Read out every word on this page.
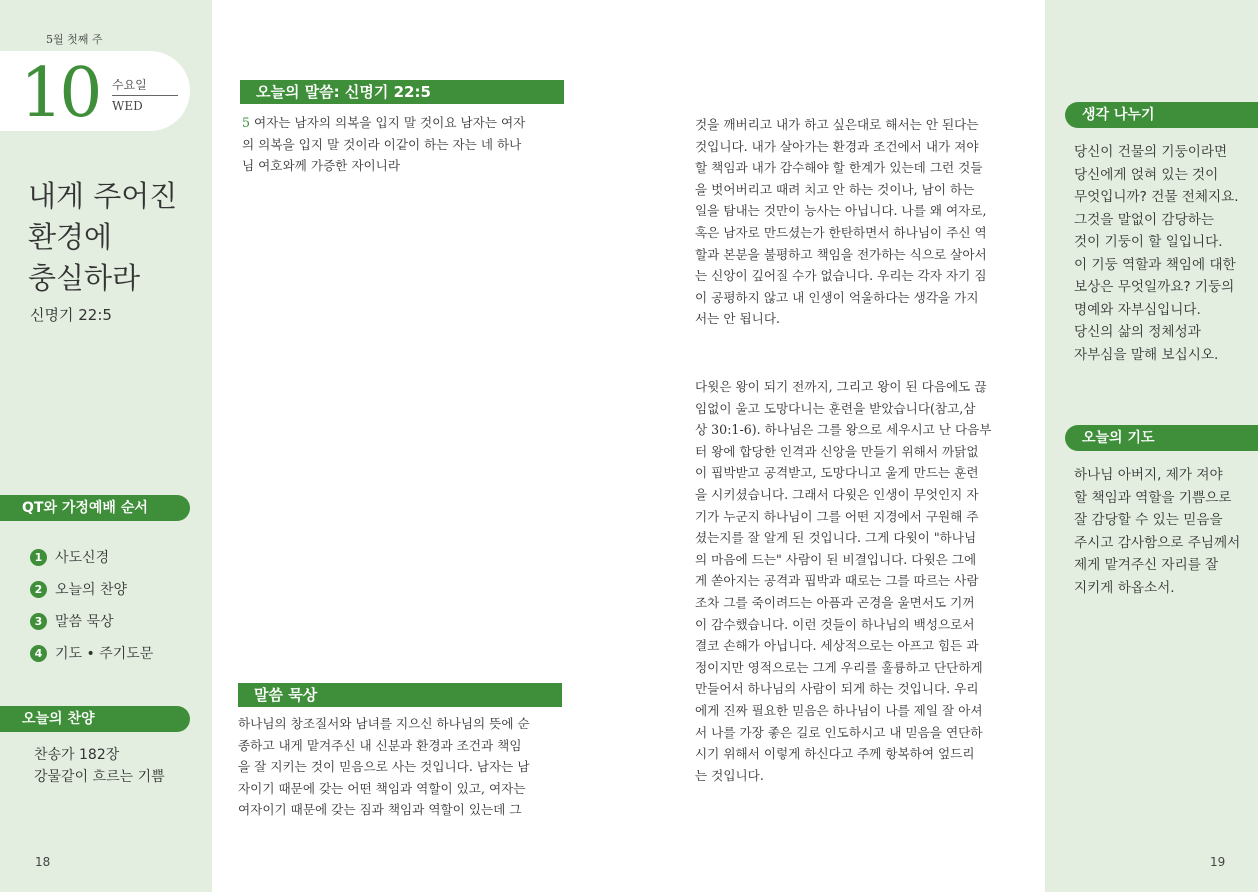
5월 첫째 주
10 수요일
WED
내게 주어진
환경에
충실하라
신명기 22:5
QT와 가정예배 순서
1 사도신경
2 오늘의 찬양
3 말씀 묵상
4 기도 • 주기도문
오늘의 찬양
찬송가 182장
강물같이 흐르는 기쁨
18
오늘의 말씀: 신명기 22:5
5 여자는 남자의 의복을 입지 말 것이요 남자는 여자
의 의복을 입지 말 것이라 이같이 하는 자는 네 하나
님 여호와께 가증한 자이니라
말씀 묵상
하나님의 창조질서와 남녀를 지으신 하나님의 뜻에 순
종하고 내게 맡겨주신 내 신분과 환경과 조건과 책임
을 잘 지키는 것이 믿음으로 사는 것입니다. 남자는 남
자이기 때문에 갖는 어떤 책임과 역할이 있고, 여자는
여자이기 때문에 갖는 짐과 책임과 역할이 있는데 그
것을 깨버리고 내가 하고 싶은대로 해서는 안 된다는
것입니다. 내가 살아가는 환경과 조건에서 내가 져야
할 책임과 내가 감수해야 할 한계가 있는데 그런 것들
을 벗어버리고 때려 치고 안 하는 것이나, 남이 하는
일을 탐내는 것만이 능사는 아닙니다. 나를 왜 여자로,
혹은 남자로 만드셨는가 한탄하면서 하나님이 주신 역
할과 본분을 불평하고 책임을 전가하는 식으로 살아서
는 신앙이 깊어질 수가 없습니다. 우리는 각자 자기 짐
이 공평하지 않고 내 인생이 억울하다는 생각을 가지
서는 안 됩니다.
다윗은 왕이 되기 전까지, 그리고 왕이 된 다음에도 끊
임없이 울고 도망다니는 훈련을 받았습니다(참고,삼
상 30:1-6). 하나님은 그를 왕으로 세우시고 난 다음부
터 왕에 합당한 인격과 신앙을 만들기 위해서 까닭없
이 핍박받고 공격받고, 도망다니고 울게 만드는 훈련
을 시키셨습니다. 그래서 다윗은 인생이 무엇인지 자
기가 누군지 하나님이 그를 어떤 지경에서 구원해 주
셨는지를 잘 알게 된 것입니다. 그게 다윗이 "하나님
의 마음에 드는" 사람이 된 비결입니다. 다윗은 그에
게 쏟아지는 공격과 핍박과 때로는 그를 따르는 사람
조차 그를 죽이려드는 아픔과 곤경을 울면서도 기꺼
이 감수했습니다. 이런 것들이 하나님의 백성으로서
결코 손해가 아닙니다. 세상적으로는 아프고 힘든 과
정이지만 영적으로는 그게 우리를 훌륭하고 단단하게
만들어서 하나님의 사람이 되게 하는 것입니다. 우리
에게 진짜 필요한 믿음은 하나님이 나를 제일 잘 아셔
서 나를 가장 좋은 길로 인도하시고 내 믿음을 연단하
시기 위해서 이렇게 하신다고 주께 항복하여 엎드리
는 것입니다.
생각 나누기
당신이 건물의 기둥이라면
당신에게 얹혀 있는 것이
무엇입니까? 건물 전체지요.
그것을 말없이 감당하는
것이 기둥이 할 일입니다.
이 기둥 역할과 책임에 대한
보상은 무엇일까요? 기둥의
명예와 자부심입니다.
당신의 삶의 정체성과
자부심을 말해 보십시오.
오늘의 기도
하나님 아버지, 제가 져야
할 책임과 역할을 기쁨으로
잘 감당할 수 있는 믿음을
주시고 감사함으로 주님께서
제게 맡겨주신 자리를 잘
지키게 하옵소서.
19
